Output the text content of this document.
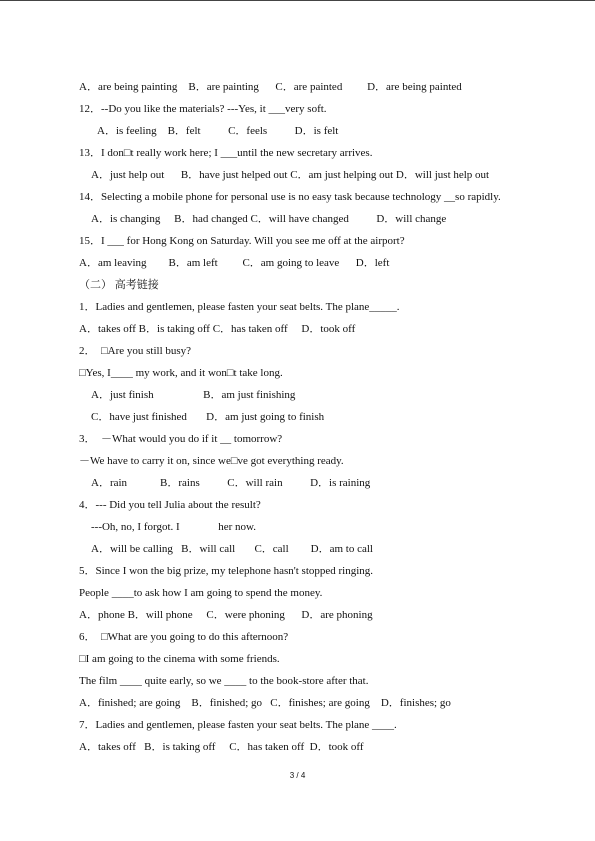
A．are being painting    B．are painting      C．are painted         D．are being painted
12．--Do you like the materials? ---Yes, it ___very soft.
A．is feeling    B．felt          C．feels          D．is felt
13．I don□t really work here; I ___until the new secretary arrives.
A．just help out      B．have just helped out C．am just helping out D．will just help out
14．Selecting a mobile phone for personal use is no easy task because technology __so rapidly.
A．is changing     B．had changed C．will have changed          D．will change
15．I ___ for Hong Kong on Saturday. Will you see me off at the airport?
A．am leaving        B．am left         C．am going to leave      D．left
（二） 高考链接
1．Ladies and gentlemen, please fasten your seat belts. The plane_____.
A．takes off B．is taking off C．has taken off     D．took off
2．  □Are you still busy?
□Yes, I____ my work, and it won□t take long.
A．just finish                  B．am just finishing
C．have just finished       D．am just going to finish
3．  －What would you do if it __ tomorrow?
－We have to carry it on, since we□ve got everything ready.
A．rain            B．rains          C．will rain          D．is raining
4．--- Did you tell Julia about the result?
---Oh, no, I forgot. I              her now.
A．will be calling   B．will call       C．call        D．am to call
5．Since I won the big prize, my telephone hasn't stopped ringing.
People ____to ask how I am going to spend the money.
A．phone B．will phone     C．were phoning      D．are phoning
6．  □What are you going to do this afternoon?
□I am going to the cinema with some friends.
The film ____ quite early, so we ____ to the book-store after that.
A．finished; are going    B．finished; go   C．finishes; are going    D．finishes; go
7．Ladies and gentlemen, please fasten your seat belts. The plane ____.
A．takes off   B．is taking off     C．has taken off  D．took off
3 / 4
